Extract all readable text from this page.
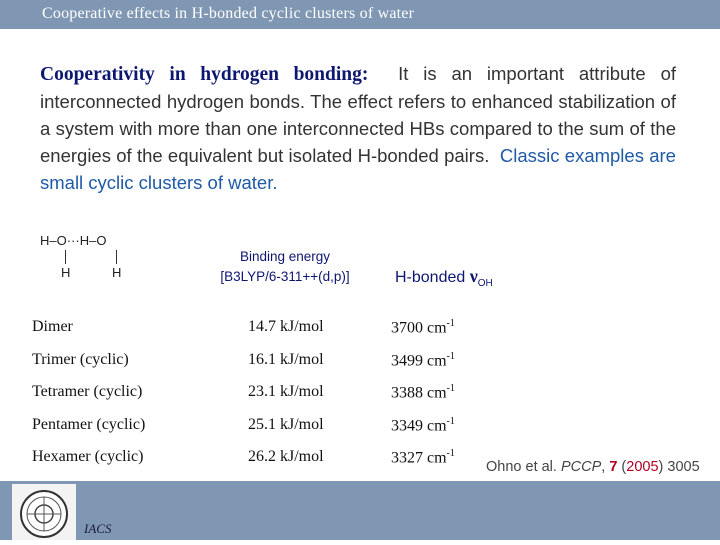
Cooperative effects in H-bonded cyclic clusters of water

Cooperativity in hydrogen bonding: It is an important attribute of interconnected hydrogen bonds. The effect refers to enhanced stabilization of a system with more than one interconnected HBs compared to the sum of the energies of the equivalent but isolated H-bonded pairs. Classic examples are small cyclic clusters of water.

H–O···H–O
H	H
Binding energy
[B3LYP/6-311++(d,p)]	H-bonded $\nu_{OH}$
Dimer	14.7 kJ/mol	3700 $cm^{-1}$
Trimer (cyclic)	16.1 kJ/mol	3499 $cm^{-1}$
Tetramer (cyclic)	23.1 kJ/mol	3388 $cm^{-1}$
Pentamer (cyclic)	25.1 kJ/mol	3349 $cm^{-1}$
Hexamer (cyclic)	26.2 kJ/mol	3327 $cm^{-1}$
Ohno et al. PCCP, 7 (2005) 3005
IACS
